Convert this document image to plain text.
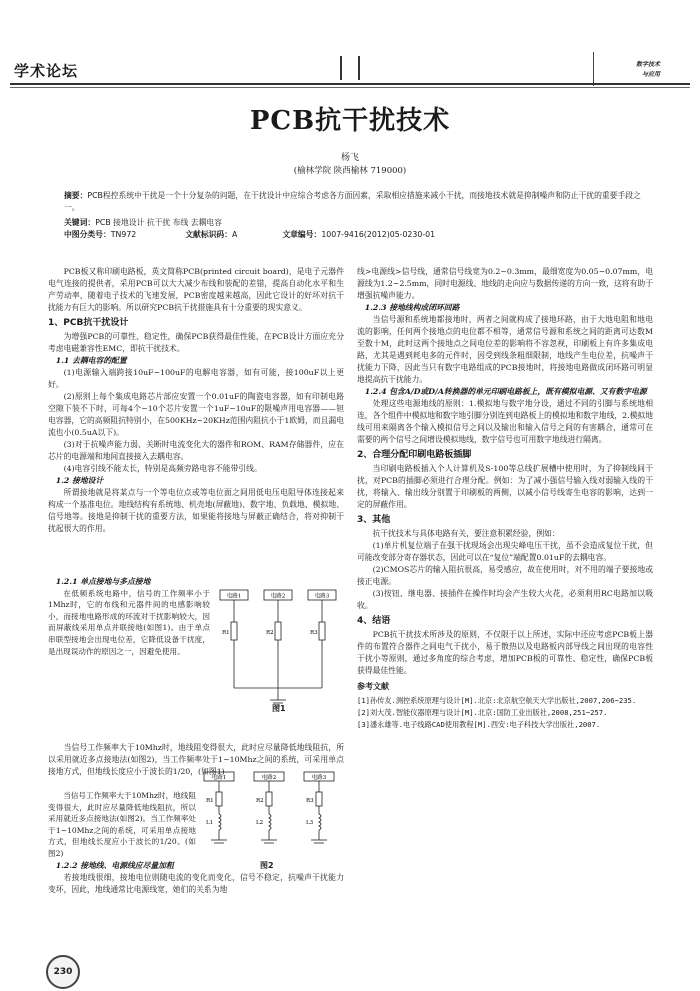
学术论坛	数字技术
与应用
PCB抗干扰技术
杨飞
(榆林学院 陕西榆林 719000)
摘要：PCB程控系统中干扰是一个十分复杂的问题，在干扰设计中应综合考虑各方面因素，采取相应措施来减小干扰，而接地技术就是抑制噪声和防止干扰的重要手段之一。
关键词：PCB 接地设计 抗干扰 布线 去耦电容
中图分类号：TN972	文献标识码：A	文章编号：1007-9416(2012)05-0230-01

PCB板又称印刷电路板，英文简称PCB(printed circuit board)，是电子元器件电气连接的提供者，采用PCB可以大大减少布线和装配的差错，提高自动化水平和生产劳动率，随着电子技术的飞速发展，PCB密度越来越高，因此它设计的好坏对抗干扰能力有巨大的影响。所以研究PCB抗干扰措施具有十分重要的现实意义。

1、PCB抗干扰设计

为增强PCB的可靠性、稳定性，确保PCB获得最佳性能，在PCB设计方面应充分考虑电磁兼容性EMC，即抗干扰技术。

1.1 去耦电容的配置

(1)电源输入端跨接10uF~100uF的电解电容器，如有可能，接100uF以上更好。

(2)原则上每个集成电路芯片部应安置一个0.01uF的陶瓷电容器，如有印制电路空隙下装不下时，可每4个~10个芯片安置一个1uF~10uF的限噪声用电容器——钽电容器，它的高频阻抗特别小，在500KHz~20KHz范围内阻抗小于1欧姆，而且漏电流也小(0.5uA以下)。

(3)对于抗噪声能力弱、关断时电流变化大的器件和ROM、RAM存储器件，应在芯片的电源端和地间直接接入去耦电容。

(4)电容引线不能太长，特别是高频旁路电容不能带引线。

1.2 接地设计

所谓接地就是将某点与一个等电位点或等电位面之间用低电压电阻导体连接起来构成一个基准电位。地线结构有系统地、机壳地(屏蔽地)、数字地、负载地、模拟地、信号地等。接地是抑制干扰的重要方法，如果能将接地与屏蔽正确结合，将对抑制干扰起很大的作用。

1.2.1 单点接地与多点接地

在低频系统电路中，信号的工作频率小于1Mhz时，它的布线和元器件间的电感影响较小，而接地电路形成的环流对干扰影响较大，因而屏蔽线采用单点并联接地(如图1)。由于单点串联型接地会出现电位差，它降低设备干扰度，是出现误动作的原因之一，因避免使用。

电路1	电路2	电路3
R1	R2	R3
图1

当信号工作频率大于10Mhz时，地线阻变得很大，此时应尽量降低地线阻抗，所以采用就近多点接地法(如图2)，当工作频率处于1~10Mhz之间的系统，可采用单点接地方式，但地线长度应小于波长的1/20，(如图1)

当信号工作频率大于10Mhz时，地线阻变得很大，此时应尽量降低地线阻抗，所以采用就近多点接地法(如图2)。当工作频率处于1~10Mhz之间的系统，可采用单点接地方式，但地线长度应小于波长的1/20。(如图2)

1.2.2 接地线、电源线应尽量加粗
电路1	电路2	电路3
R1	R2	R3
L1	L2	L3
图2

若接地线很细，接地电位则随电流的变化而变化，信号不稳定，抗噪声干扰能力变坏，因此，地线通常比电源线宽，她们的关系为地

线>电源线>信号线，通常信号线宽为0.2~0.3mm，最细宽度为0.05~0.07mm，电源线为1.2~2.5mm，同时电源线、地线的走向应与数据传递的方向一致，这将有助于增强抗噪声能力。

1.2.3 接地线构成闭环回路

当信号源和系统地都接地时，两者之间就构成了接地环路，由于大地电阻和地电流的影响，任何两个接地点的电位都不相等，通常信号源和系统之间的距离可达数M至数十M，此时这两个接地点之间电位差的影响将不容忽视，印刷板上有许多集成电路，尤其是遇到耗电多的元件时，因受到线条粗细限制，地线产生电位差，抗噪声干扰能力下降，因此当只有数字电路组成的PCB接地时，将接地电路做成闭环路可明显地提高抗干扰能力。

1.2.4 包含A/D或D/A转换器的单元印刷电路板上，既有模拟电源、又有数字电源

处理这些电源地线的原则：1.模拟地与数字地分设，通过不同的引脚与系统地相连，各个组件中模拟地和数字地引脚分别连到电路板上的模拟地和数字地线，2.模拟地线可用来隔离各个输入模拟信号之间以及输出和输入信号之间的有害耦合，通常可在需要的两个信号之间增设模拟地线，数字信号也可用数字地线进行隔离。

2、合理分配印刷电路板插脚

当印刷电路板插入个人计算机及S-100等总线扩展槽中使用时，为了抑制线间干扰，对PCB的插脚必须进行合理分配。例如：为了减小强信号输入线对弱输入线的干扰，将输入、输出线分别置于印刷板的两侧，以减小信号线寄生电容的影响，达到一定的屏蔽作用。

3、其他

抗干扰技术与具体电路有关，要注意积累经验，例如：

(1)单片机复位端子在强干扰现场会出现尖峰电压干扰，虽不会造成复位干扰，但可能改变部分寄存器状态，因此可以在“复位”端配置0.01uF的去耦电容。

(2)CMOS芯片的输入阻抗很高，易受感应，故在使用时，对不用的端子要接地或接正电源。

(3)按钮、继电器、接插件在操作时均会产生较大火花，必须利用RC电路加以吸收。

4、结语

PCB抗干扰技术所涉及的原则，不仅限于以上所述，实际中还应考虑PCB板上器件的布置符合器件之间电气干扰小，易于散热以及电路板内部导线之间出现的电容性干扰小等原则，通过多角度的综合考虑，增加PCB板的可靠性、稳定性，确保PCB板获得最佳性能。

参考文献

[1]孙传友.测控系统原理与设计[M].北京:北京航空航天大学出版社,2007,206~235.

[2]刘大茂.智能仪器原理与设计[M].北京:国防工业出版社,2008,251~257.

[3]潘永雄等.电子线路CAD使用教程[M].西安:电子科技大学出版社,2007.

230
